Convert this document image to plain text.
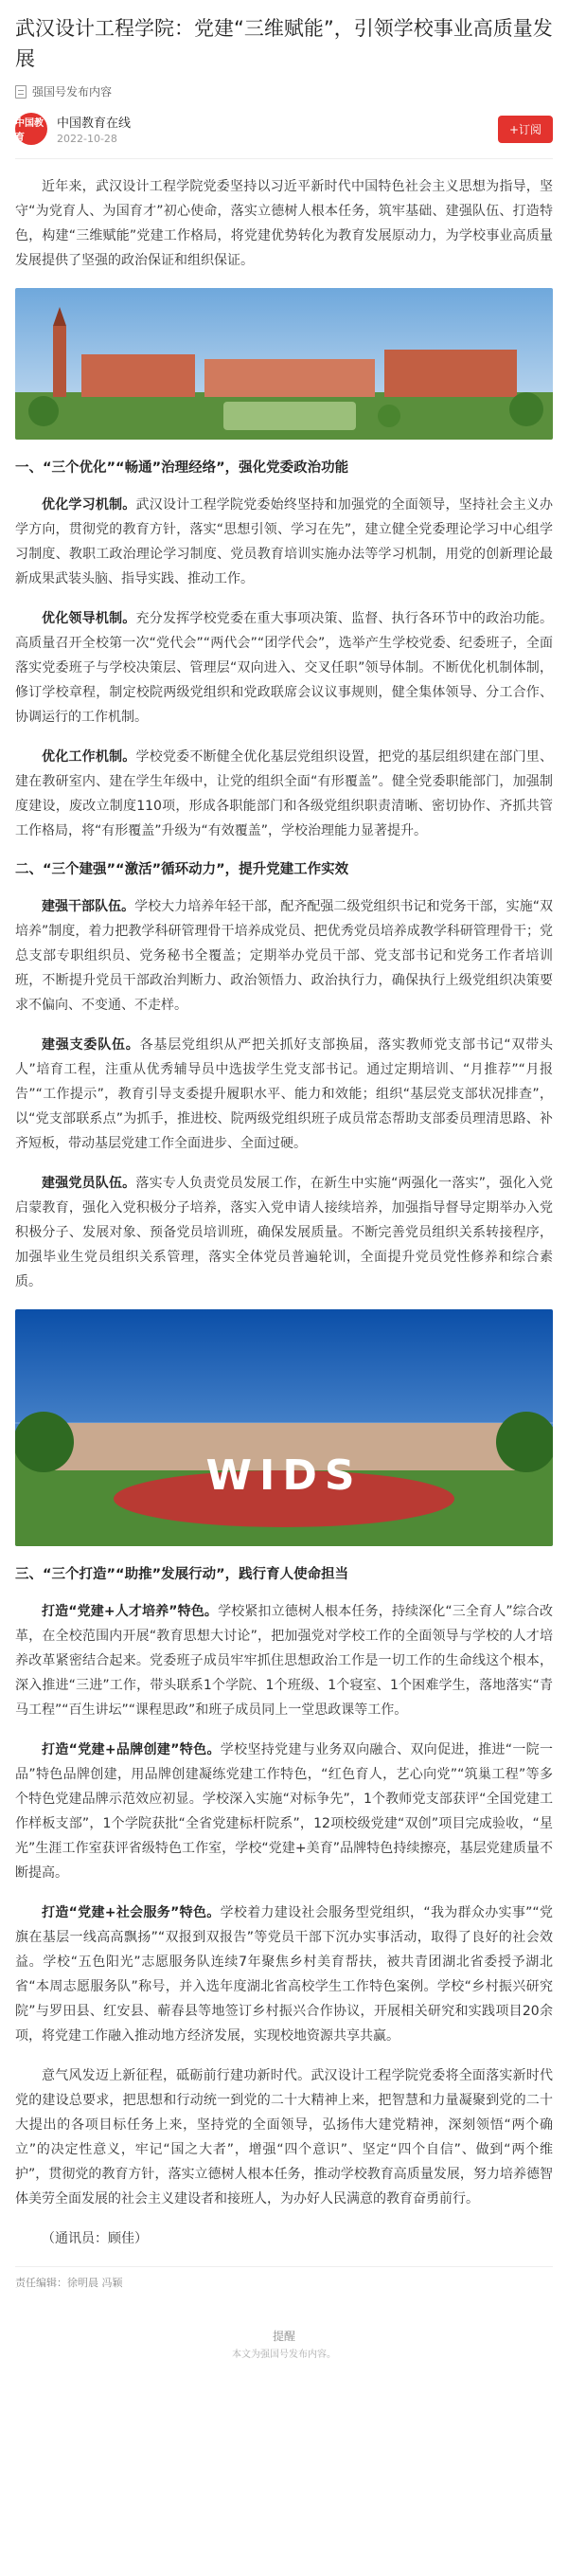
武汉设计工程学院：党建“三维赋能”，引领学校事业高质量发展
强国号发布内容
中国教育
中国教育在线
2022-10-28
+订阅

近年来，武汉设计工程学院党委坚持以习近平新时代中国特色社会主义思想为指导，坚守“为党育人、为国育才”初心使命，落实立德树人根本任务，筑牢基础、建强队伍、打造特色，构建“三维赋能”党建工作格局，将党建优势转化为教育发展原动力，为学校事业高质量发展提供了坚强的政治保证和组织保证。

一、“三个优化”“畅通”治理经络”，强化党委政治功能

优化学习机制。武汉设计工程学院党委始终坚持和加强党的全面领导，坚持社会主义办学方向，贯彻党的教育方针，落实“思想引领、学习在先”，建立健全党委理论学习中心组学习制度、教职工政治理论学习制度、党员教育培训实施办法等学习机制，用党的创新理论最新成果武装头脑、指导实践、推动工作。

优化领导机制。充分发挥学校党委在重大事项决策、监督、执行各环节中的政治功能。高质量召开全校第一次“党代会”“两代会”“团学代会”，选举产生学校党委、纪委班子，全面落实党委班子与学校决策层、管理层“双向进入、交叉任职”领导体制。不断优化机制体制，修订学校章程，制定校院两级党组织和党政联席会议议事规则，健全集体领导、分工合作、协调运行的工作机制。

优化工作机制。学校党委不断健全优化基层党组织设置，把党的基层组织建在部门里、建在教研室内、建在学生年级中，让党的组织全面“有形覆盖”。健全党委职能部门，加强制度建设，废改立制度110项，形成各职能部门和各级党组织职责清晰、密切协作、齐抓共管工作格局，将“有形覆盖”升级为“有效覆盖”，学校治理能力显著提升。

二、“三个建强”“激活”循环动力”，提升党建工作实效

建强干部队伍。学校大力培养年轻干部，配齐配强二级党组织书记和党务干部，实施“双培养”制度，着力把教学科研管理骨干培养成党员、把优秀党员培养成教学科研管理骨干；党总支部专职组织员、党务秘书全覆盖；定期举办党员干部、党支部书记和党务工作者培训班，不断提升党员干部政治判断力、政治领悟力、政治执行力，确保执行上级党组织决策要求不偏向、不变通、不走样。

建强支委队伍。各基层党组织从严把关抓好支部换届，落实教师党支部书记“双带头人”培育工程，注重从优秀辅导员中选拔学生党支部书记。通过定期培训、“月推荐”“月报告”“工作提示”，教育引导支委提升履职水平、能力和效能；组织“基层党支部状况排查”，以“党支部联系点”为抓手，推进校、院两级党组织班子成员常态帮助支部委员理清思路、补齐短板，带动基层党建工作全面进步、全面过硬。

建强党员队伍。落实专人负责党员发展工作，在新生中实施“两强化一落实”，强化入党启蒙教育，强化入党积极分子培养，落实入党申请人接续培养，加强指导督导定期举办入党积极分子、发展对象、预备党员培训班，确保发展质量。不断完善党员组织关系转接程序，加强毕业生党员组织关系管理，落实全体党员普遍轮训，全面提升党员党性修养和综合素质。

WIDS
三、“三个打造”“助推”发展行动”，践行育人使命担当

打造“党建+人才培养”特色。学校紧扣立德树人根本任务，持续深化“三全育人”综合改革，在全校范围内开展“教育思想大讨论”，把加强党对学校工作的全面领导与学校的人才培养改革紧密结合起来。党委班子成员牢牢抓住思想政治工作是一切工作的生命线这个根本，深入推进“三进”工作，带头联系1个学院、1个班级、1个寝室、1个困难学生，落地落实“青马工程”“百生讲坛”“课程思政”和班子成员同上一堂思政课等工作。

打造“党建+品牌创建”特色。学校坚持党建与业务双向融合、双向促进，推进“一院一品”特色品牌创建，用品牌创建凝练党建工作特色，“红色育人，艺心向党”“筑巢工程”等多个特色党建品牌示范效应初显。学校深入实施“对标争先”，1个教师党支部获评“全国党建工作样板支部”，1个学院获批“全省党建标杆院系”，12项校级党建“双创”项目完成验收，“星光”生涯工作室获评省级特色工作室，学校“党建+美育”品牌特色持续擦亮，基层党建质量不断提高。

打造“党建+社会服务”特色。学校着力建设社会服务型党组织，“我为群众办实事”“党旗在基层一线高高飘扬”“双报到双报告”等党员干部下沉办实事活动，取得了良好的社会效益。学校“五色阳光”志愿服务队连续7年聚焦乡村美育帮扶，被共青团湖北省委授予湖北省“本周志愿服务队”称号，并入选年度湖北省高校学生工作特色案例。学校“乡村振兴研究院”与罗田县、红安县、蕲春县等地签订乡村振兴合作协议，开展相关研究和实践项目20余项，将党建工作融入推动地方经济发展，实现校地资源共享共赢。

意气风发迈上新征程，砥砺前行建功新时代。武汉设计工程学院党委将全面落实新时代党的建设总要求，把思想和行动统一到党的二十大精神上来，把智慧和力量凝聚到党的二十大提出的各项目标任务上来，坚持党的全面领导，弘扬伟大建党精神，深刻领悟“两个确立”的决定性意义，牢记“国之大者”，增强“四个意识”、坚定“四个自信”、做到“两个维护”，贯彻党的教育方针，落实立德树人根本任务，推动学校教育高质量发展，努力培养德智体美劳全面发展的社会主义建设者和接班人，为办好人民满意的教育奋勇前行。

（通讯员：顾佳）

责任编辑：徐明晨 冯颖
提醒
本文为强国号发布内容。
